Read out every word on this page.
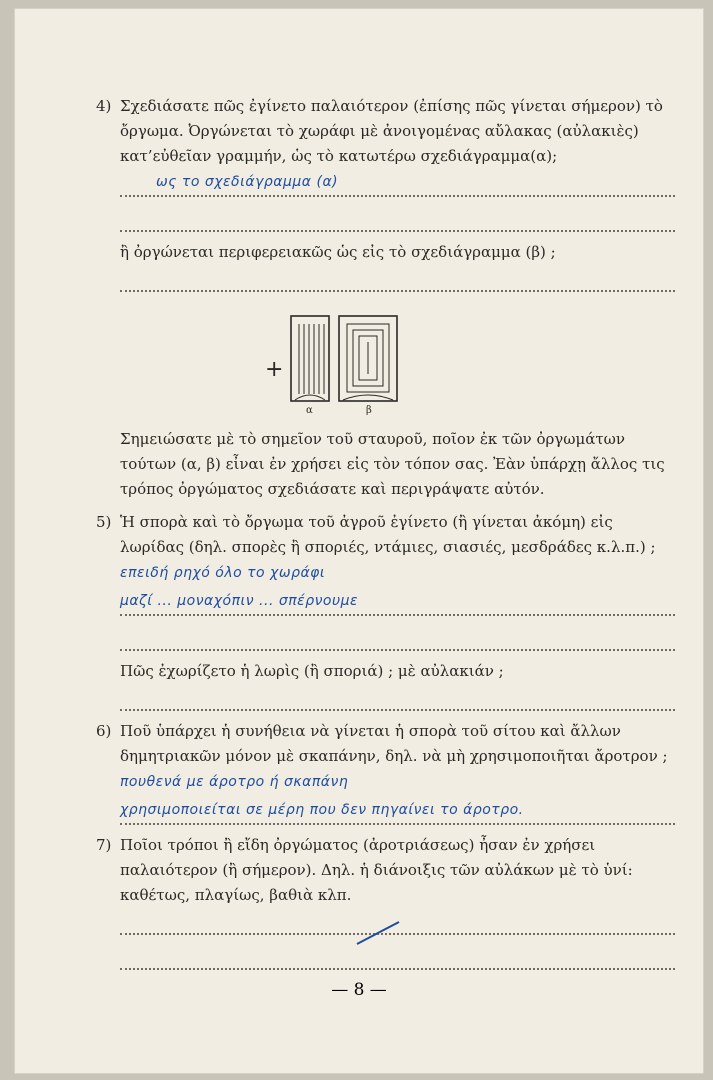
4) Σχεδιάσατε πῶς ἐγίνετο παλαιότερον (ἐπίσης πῶς γίνεται σήμερον) τὸ ὄργωμα. Ὀργώνεται τὸ χωράφι μὲ ἀνοιγομένας αὔλακας (αὐλακιὲς) κατ’εὐθεῖαν γραμμήν, ὡς τὸ κατωτέρω σχεδιάγραμμα(α);

ως το σχεδιάγραμμα (α)

ἢ ὀργώνεται περιφερειακῶς ὡς εἰς τὸ σχεδιάγραμμα (β) ;

+
α	β

Σημειώσατε μὲ τὸ σημεῖον τοῦ σταυροῦ, ποῖον ἐκ τῶν ὀργωμάτων τούτων (α, β) εἶναι ἐν χρήσει εἰς τὸν τόπον σας. Ἐὰν ὑπάρχῃ ἄλλος τις τρόπος ὀργώματος σχεδιάσατε καὶ περιγράψατε αὐτόν.

5) Ἡ σπορὰ καὶ τὸ ὄργωμα τοῦ ἀγροῦ ἐγίνετο (ἢ γίνεται ἀκόμη) εἰς λωρίδας (δηλ. σπορὲς ἢ σποριές, ντάμιες, σιασιές, μεσδράδες κ.λ.π.) ; επειδή ρηχό όλο το χωράφι

μαζί ... μοναχόπιν ... σπέρνουμε

Πῶς ἐχωρίζετο ἡ λωρὶς (ἢ σποριά) ; μὲ αὐλακιάν ;

6) Ποῦ ὑπάρχει ἡ συνήθεια νὰ γίνεται ἡ σπορὰ τοῦ σίτου καὶ ἄλλων δημητριακῶν μόνον μὲ σκαπάνην, δηλ. νὰ μὴ χρησιμοποιῆται ἄροτρον ; πουθενά με άροτρο ή σκαπάνη

χρησιμοποιείται σε μέρη που δεν πηγαίνει το άροτρο.

7) Ποῖοι τρόποι ἢ εἴδη ὀργώματος (ἀροτριάσεως) ἦσαν ἐν χρήσει παλαιότερον (ἢ σήμερον). Δηλ. ἡ διάνοιξις τῶν αὐλάκων μὲ τὸ ὑνί: καθέτως, πλαγίως, βαθιὰ κλπ.

— 8 —
